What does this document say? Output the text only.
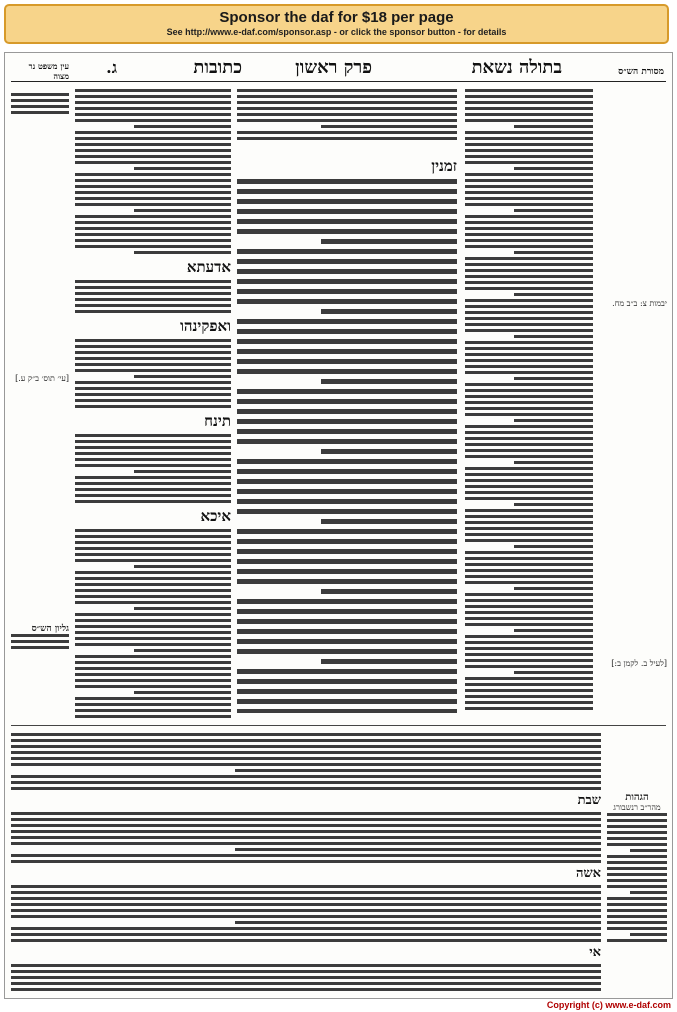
Sponsor the daf for $18 per page
See http://www.e-daf.com/sponsor.asp - or click the sponsor button - for details
מסורת הש״ס
בתולה נשאת
פרק ראשון
כתובות
ג.
עין משפט נר מצוה
יבמות צ: ב״ב מח.
[לעיל ב. לקמן ב:]
זמנין
אדעתא
ואפקינהו
תינח
איכא
[עי׳ תוס׳ ב״ק ע.]
גליון הש״ס
שבת
אשה
אי
הגהות
מהר״ב רנשבורג
Copyright (c) www.e-daf.com
